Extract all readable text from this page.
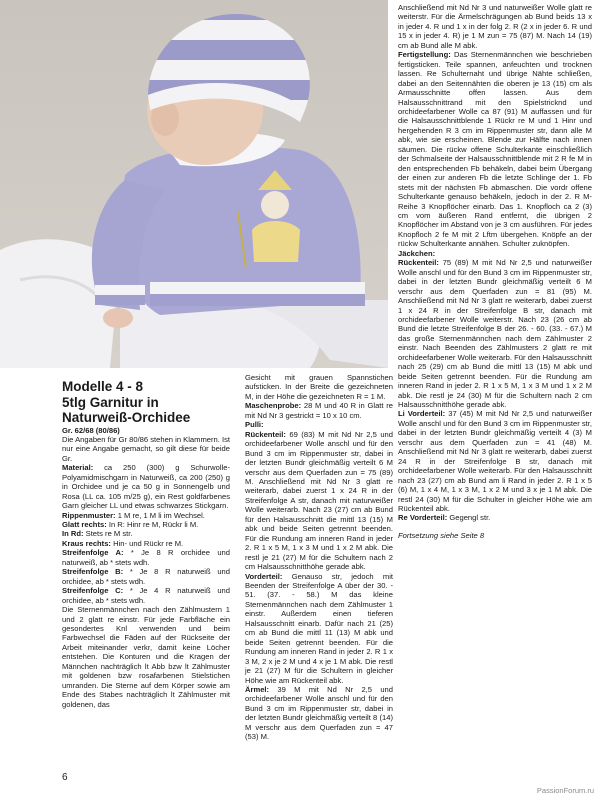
Anschließend mit Nd Nr 3 und naturweißer Wolle glatt re weiterstr. Für die Ärmelschrägungen ab Bund beids 13 x in jeder 4. R und 1 x in der folg 2. R (2 x in jeder 6. R und 15 x in jeder 4. R) je 1 M zun = 75 (87) M. Nach 14 (19) cm ab Bund alle M abk.

Fertigstellung: Das Sternenmännchen wie beschrieben fertigsticken. Teile spannen, anfeuchten und trocknen lassen. Re Schulternaht und übrige Nähte schließen, dabei an den Seitennähten die oberen je 13 (15) cm als Armausschnitte offen lassen. Aus dem Halsausschnittrand mit den Spielstricknd und orchideefarbener Wolle ca 87 (91) M auffassen und für die Halsausschnittblende 1 Rückr re M und 1 Hinr und hergehenden R 3 cm im Rippenmuster str, dann alle M abk, wie sie erscheinen. Blende zur Hälfte nach innen säumen. Die rückw offene Schulterkante einschließlich der Schmalseite der Halsausschnittblende mit 2 R fe M in den entsprechenden Fb behäkeln, dabei beim Übergang der einen zur anderen Fb die letzte Schlinge der 1. Fb stets mit der nächsten Fb abmaschen. Die vordr offene Schulterkante genauso behäkeln, jedoch in der 2. R M-Reihe 3 Knopflöcher einarb. Das 1. Knopfloch ca 2 (3) cm vom äußeren Rand entfernt, die übrigen 2 Knopflöcher im Abstand von je 3 cm ausführen. Für jedes Knopfloch 2 fe M mit 2 Lftm übergehen. Knöpfe an der rückw Schulterkante annähen. Schulter zuknöpfen.

Jäckchen:

Rückenteil: 75 (89) M mit Nd Nr 2,5 und naturweißer Wolle anschl und für den Bund 3 cm im Rippenmuster str, dabei in der letzten Bundr gleichmäßig verteilt 6 M verschr aus dem Querfaden zun = 81 (95) M. Anschließend mit Nd Nr 3 glatt re weiterarb, dabei zuerst 1 x 24 R in der Streifenfolge B str, danach mit orchideefarbener Wolle weiterstr. Nach 23 (26 cm ab Bund die letzte Streifenfolge B der 26. - 60. (33. - 67.) M das große Sternenmännchen nach dem Zählmuster 2 einstr. Nach Beenden des Zählmusters 2 glatt re mit orchideefarbener Wolle weiterarb. Für den Halsausschnitt nach 25 (29) cm ab Bund die mittl 13 (15) M abk und beide Seiten getrennt beenden. Für die Rundung am inneren Rand in jeder 2. R 1 x 5 M, 1 x 3 M und 1 x 2 M abk. Die restl je 24 (30) M für die Schultern nach 2 cm Halsausschnitthöhe gerade abk.

Li Vorderteil: 37 (45) M mit Nd Nr 2,5 und naturweißer Wolle anschl und für den Bund 3 cm im Rippenmuster str, dabei in der letzten Bundr gleichmäßig verteilt 4 (3) M verschr aus dem Querfaden zun = 41 (48) M. Anschließend mit Nd Nr 3 glatt re weiterarb, dabei zuerst 24 R in der Streifenfolge B str, danach mit orchideefarbener Wolle weiterarb. Für den Halsausschnitt nach 23 (27) cm ab Bund am li Rand in jeder 2. R 1 x 5 (6) M, 1 x 4 M, 1 x 3 M, 1 x 2 M und 3 x je 1 M abk. Die restl 24 (30) M für die Schulter in gleicher Höhe wie am Rückenteil abk.

Re Vorderteil: Gegengl str.

Fortsetzung siehe Seite 8

Modelle 4 - 8
5tlg Garnitur in Naturweiß-Orchidee

Gr. 62/68 (80/86)

Die Angaben für Gr 80/86 stehen in Klammern. Ist nur eine Angabe gemacht, so gilt diese für beide Gr.

Material: ca 250 (300) g Schurwolle-Polyamidmischgarn in Naturweiß, ca 200 (250) g in Orchidee und je ca 50 g in Sonnengelb und Rosa (LL ca. 105 m/25 g), ein Rest goldfarbenes Garn gleicher LL und etwas schwarzes Stickgarn.

Rippenmuster: 1 M re, 1 M li im Wechsel.

Glatt rechts: In R: Hinr re M, Rückr li M.

In Rd: Stets re M str.

Kraus rechts: Hin- und Rückr re M.

Streifenfolge A: * Je 8 R orchidee und naturweiß, ab * stets wdh.

Streifenfolge B: * Je 8 R naturweiß und orchidee, ab * stets wdh.

Streifenfolge C: * Je 4 R naturweiß und orchidee, ab * stets wdh.

Die Sternenmännchen nach den Zählmustern 1 und 2 glatt re einstr. Für jede Farbfläche ein gesondertes Knl verwenden und beim Farbwechsel die Fäden auf der Rückseite der Arbeit miteinander verkr, damit keine Löcher entstehen. Die Konturen und die Kragen der Männchen nachträglich lt Abb bzw lt Zählmuster mit goldenen bzw rosafarbenen Stielstichen umranden. Die Sterne auf dem Körper sowie am Ende des Stabes nachträglich lt Zählmuster mit goldenen, das

Gesicht mit grauen Spannstichen aufsticken. In der Breite die gezeichneten M, in der Höhe die gezeichneten R = 1 M.

Maschenprobe: 28 M und 40 R in Glatt re mit Nd Nr 3 gestrickt = 10 x 10 cm.

Pulli:

Rückenteil: 69 (83) M mit Nd Nr 2,5 und orchideefarbener Wolle anschl und für den Bund 3 cm im Rippenmuster str, dabei in der letzten Bundr gleichmäßig verteilt 6 M verschr aus dem Querfaden zun = 75 (89) M. Anschließend mit Nd Nr 3 glatt re weiterarb, dabei zuerst 1 x 24 R in der Streifenfolge A str, danach mit naturweißer Wolle weiterarb. Nach 23 (27) cm ab Bund für den Halsausschnitt die mittl 13 (15) M abk und beide Seiten getrennt beenden. Für die Rundung am inneren Rand in jeder 2. R 1 x 5 M, 1 x 3 M und 1 x 2 M abk. Die restl je 21 (27) M für die Schultern nach 2 cm Halsausschnitthöhe gerade abk.

Vorderteil: Genauso str, jedoch mit Beenden der Streifenfolge A über der 30. - 51. (37. - 58.) M das kleine Sternenmännchen nach dem Zählmuster 1 einstr. Außerdem einen tieferen Halsausschnitt einarb. Dafür nach 21 (25) cm ab Bund die mittl 11 (13) M abk und beide Seiten getrennt beenden. Für die Rundung am inneren Rand in jeder 2. R 1 x 3 M, 2 x je 2 M und 4 x je 1 M abk. Die restl je 21 (27) M für die Schultern in gleicher Höhe wie am Rückenteil abk.

Ärmel: 39 M mit Nd Nr 2,5 und orchideefarbener Wolle anschl und für den Bund 3 cm im Rippenmuster str, dabei in der letzten Bundr gleichmäßig verteilt 8 (14) M verschr aus dem Querfaden zun = 47 (53) M.

6
PassionForum.ru
